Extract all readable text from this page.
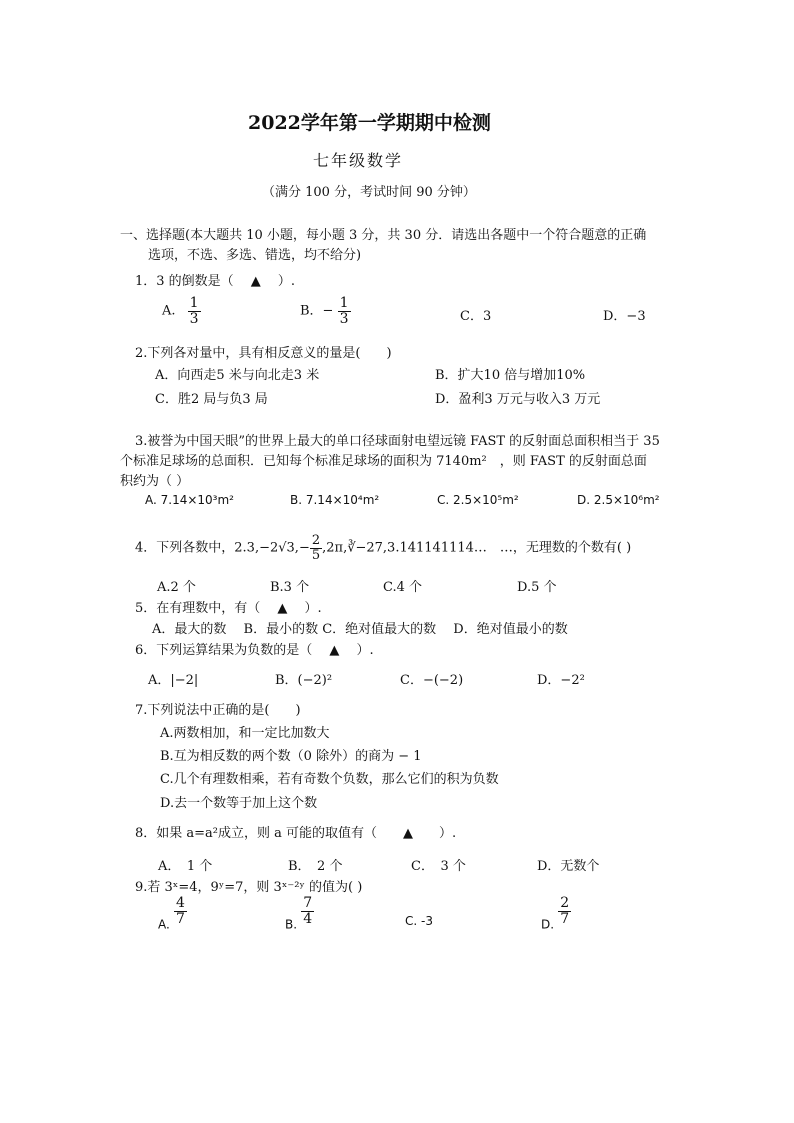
2022学年第一学期期中检测
七年级数学
（满分 100 分，考试时间 90 分钟）
一、选择题(本大题共 10 小题，每小题 3 分，共 30 分．请选出各题中一个符合题意的正确
选项，不选、多选、错选，均不给分)
1．3 的倒数是（　 ▲　 ）.
A. $\frac{1}{3}$	B．− $\frac{1}{3}$	C．3	D．−3
2.下列各对量中，具有相反意义的量是(　　)
A．向西走5 米与向北走3 米	B．扩大10 倍与增加10%
C．胜2 局与负3 局	D．盈利3 万元与收入3 万元
3.被誉为中国天眼”的世界上最大的单口径球面射电望远镜 FAST 的反射面总面积相当于 35
个标准足球场的总面积．已知每个标准足球场的面积为 7140m²　，则 FAST 的反射面总面
积约为（ ）
A. 7.14×10³m²	B. 7.14×10⁴m²	C. 2.5×10⁵m²	D. 2.5×10⁶m²
4．下列各数中，$2.3,-2√3,- \frac{2}{5}$ ,2π,∛−27,3.141141114…　…，无理数的个数有( )
A.2 个	B.3 个	C.4 个	D.5 个
5．在有理数中，有（　 ▲　 ）.
A．最大的数　 B．最小的数 C．绝对值最大的数　 D．绝对值最小的数
6．下列运算结果为负数的是（　 ▲　 ）.
A．|−2|	B．(−2)²	C．−(−2)	D．−2²
7.下列说法中正确的是(　　)
A.两数相加，和一定比加数大
B.互为相反数的两个数（0 除外）的商为 − 1
C.几个有理数相乘，若有奇数个负数，那么它们的积为负数
D.去一个数等于加上这个数
8．如果 a=a²成立，则 a 可能的取值有（　　▲　　）.
A．　1 个	B．　2 个	C．　3 个	D．无数个
9.若 3ˣ=4，9ʸ=7，则 3ˣ⁻²ʸ 的值为( )
A. $\frac{4}{7}$	B. $\frac{7}{4}$	C. -3	D. $\frac{2}{7}$
